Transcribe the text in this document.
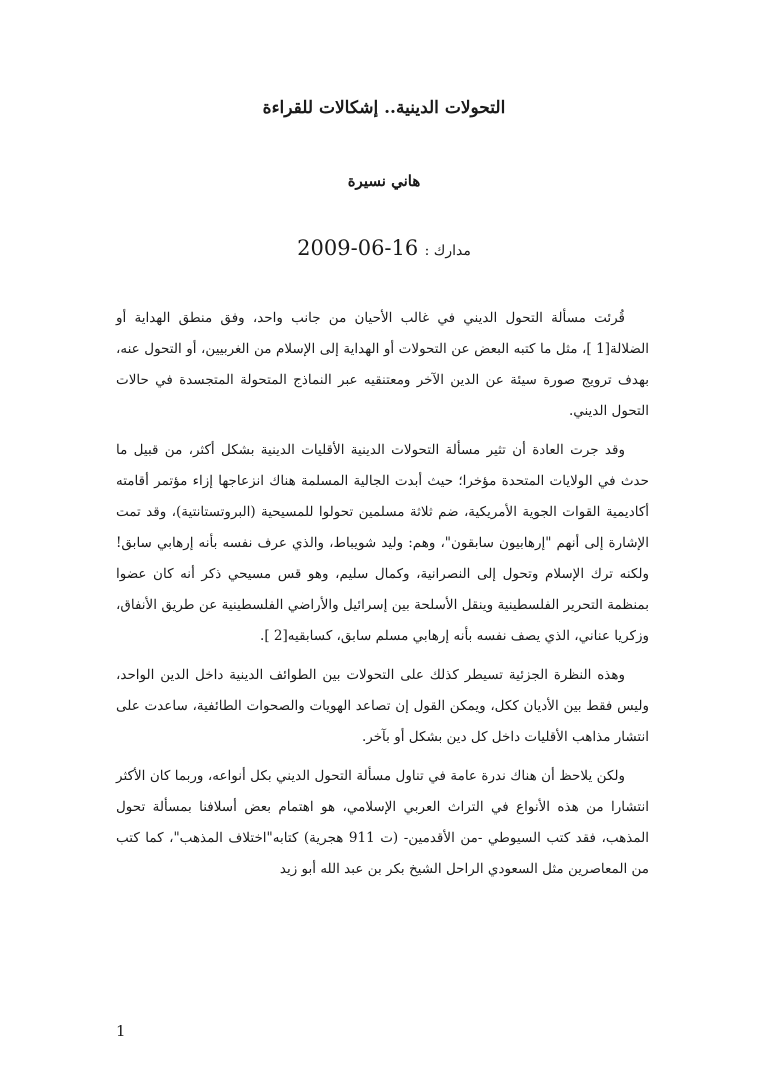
التحولات الدينية.. إشكالات للقراءة
هاني نسيرة
مدارك : 2009-06-16

قُرئت مسألة التحول الديني في غالب الأحيان من جانب واحد، وفق منطق الهداية أو الضلالة[1 ]، مثل ما كتبه البعض عن التحولات أو الهداية إلى الإسلام من الغربيين، أو التحول عنه، بهدف ترويج صورة سيئة عن الدين الآخر ومعتنقيه عبر النماذج المتحولة المتجسدة في حالات التحول الديني.

وقد جرت العادة أن تثير مسألة التحولات الدينية الأقليات الدينية بشكل أكثر، من قبيل ما حدث في الولايات المتحدة مؤخرا؛ حيث أبدت الجالية المسلمة هناك انزعاجها إزاء مؤتمر أقامته أكاديمية القوات الجوية الأمريكية، ضم ثلاثة مسلمين تحولوا للمسيحية (البروتستانتية)، وقد تمت الإشارة إلى أنهم "إرهابيون سابقون"، وهم: وليد شويباط، والذي عرف نفسه بأنه إرهابي سابق! ولكنه ترك الإسلام وتحول إلى النصرانية، وكمال سليم، وهو قس مسيحي ذكر أنه كان عضوا بمنظمة التحرير الفلسطينية وينقل الأسلحة بين إسرائيل والأراضي الفلسطينية عن طريق الأنفاق، وزكريا عناني، الذي يصف نفسه بأنه إرهابي مسلم سابق، كسابقيه[2 ].

وهذه النظرة الجزئية تسيطر كذلك على التحولات بين الطوائف الدينية داخل الدين الواحد، وليس فقط بين الأديان ككل، ويمكن القول إن تصاعد الهويات والصحوات الطائفية، ساعدت على انتشار مذاهب الأقليات داخل كل دين بشكل أو بآخر.

ولكن يلاحظ أن هناك ندرة عامة في تناول مسألة التحول الديني بكل أنواعه، وربما كان الأكثر انتشارا من هذه الأنواع في التراث العربي الإسلامي، هو اهتمام بعض أسلافنا بمسألة تحول المذهب، فقد كتب السيوطي -من الأقدمين- (ت 911 هجرية) كتابه"اختلاف المذهب"، كما كتب من المعاصرين مثل السعودي الراحل الشيخ بكر بن عبد الله أبو زيد

1
